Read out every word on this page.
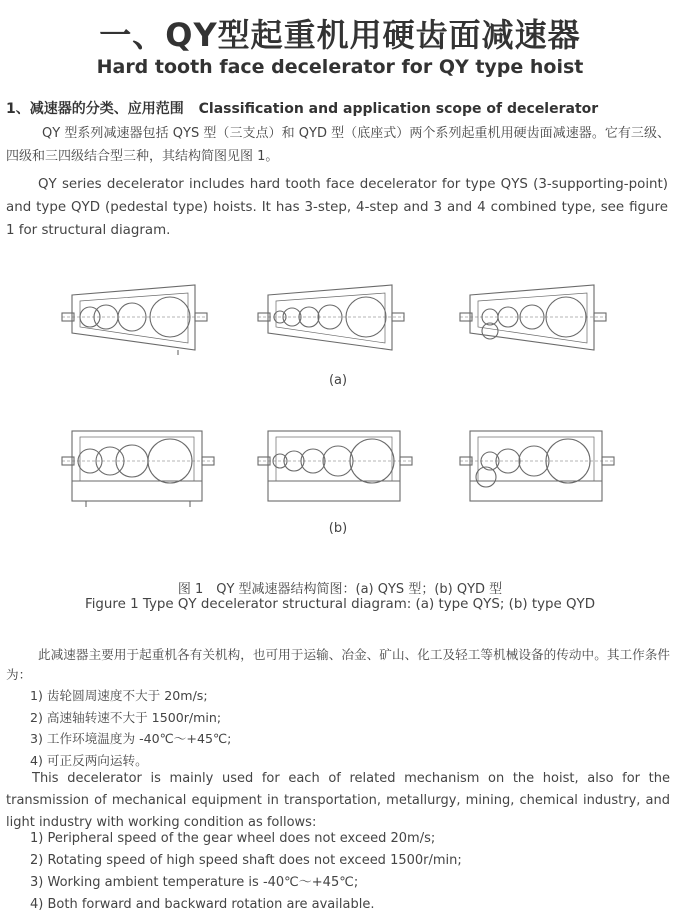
一、QY型起重机用硬齿面减速器
Hard tooth face decelerator for QY type hoist
1、减速器的分类、应用范围 Classification and application scope of decelerator

QY 型系列减速器包括 QYS 型（三支点）和 QYD 型（底座式）两个系列起重机用硬齿面减速器。它有三级、四级和三四级结合型三种，其结构简图见图 1。

QY series decelerator includes hard tooth face decelerator for type QYS (3-supporting-point) and type QYD (pedestal type) hoists. It has 3-step, 4-step and 3 and 4 combined type, see figure 1 for structural diagram.

(a)
(b)
图 1　QY 型减速器结构简图：(a) QYS 型；(b) QYD 型
Figure 1 Type QY decelerator structural diagram: (a) type QYS; (b) type QYD

此减速器主要用于起重机各有关机构，也可用于运输、冶金、矿山、化工及轻工等机械设备的传动中。其工作条件为：

1) 齿轮圆周速度不大于 20m/s;
2) 高速轴转速不大于 1500r/min;
3) 工作环境温度为 -40℃～+45℃;
4) 可正反两向运转。

This decelerator is mainly used for each of related mechanism on the hoist, also for the transmission of mechanical equipment in transportation, metallurgy, mining, chemical industry, and light industry with working condition as follows:

1) Peripheral speed of the gear wheel does not exceed 20m/s;
2) Rotating speed of high speed shaft does not exceed 1500r/min;
3) Working ambient temperature is -40℃～+45℃;
4) Both forward and backward rotation are available.
